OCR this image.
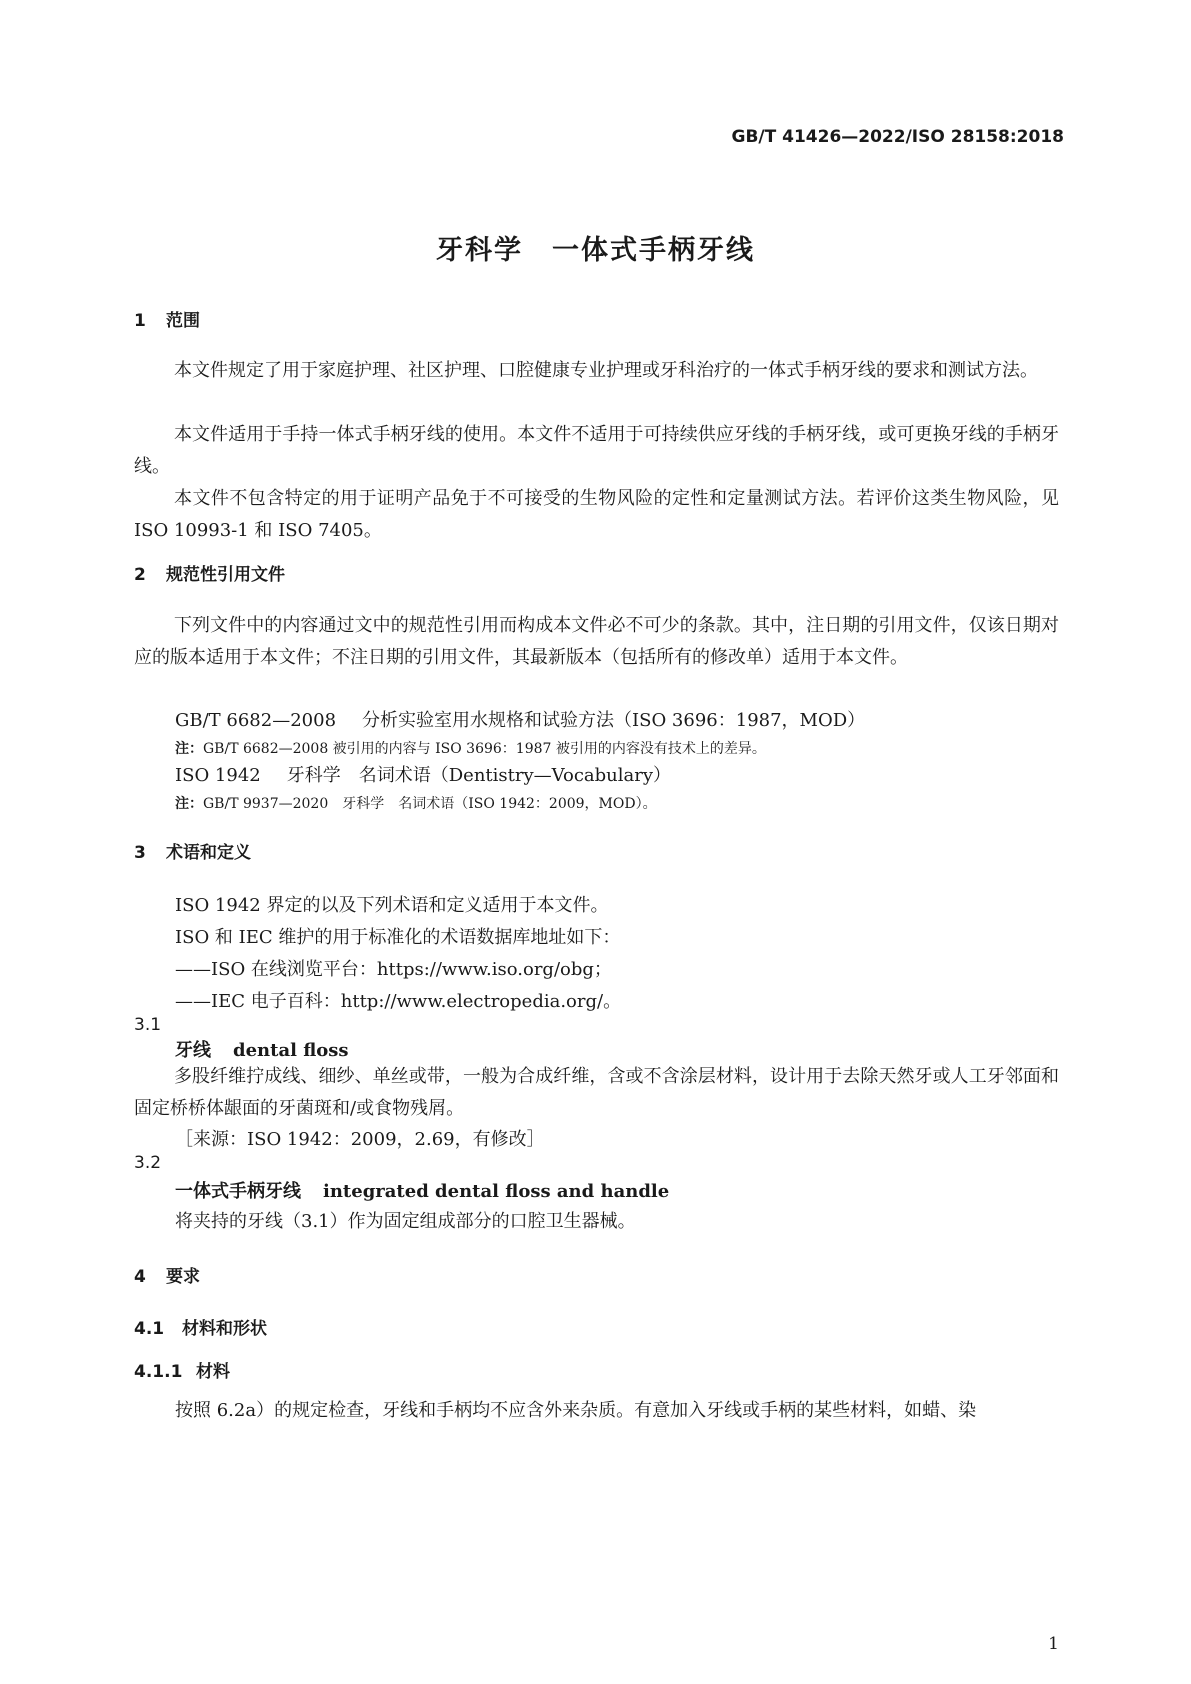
GB/T 41426—2022/ISO 28158:2018
牙科学　一体式手柄牙线
1 范围
本文件规定了用于家庭护理、社区护理、口腔健康专业护理或牙科治疗的一体式手柄牙线的要求和测试方法。
本文件适用于手持一体式手柄牙线的使用。本文件不适用于可持续供应牙线的手柄牙线，或可更换牙线的手柄牙线。
本文件不包含特定的用于证明产品免于不可接受的生物风险的定性和定量测试方法。若评价这类生物风险，见 ISO 10993-1 和 ISO 7405。
2 规范性引用文件
下列文件中的内容通过文中的规范性引用而构成本文件必不可少的条款。其中，注日期的引用文件，仅该日期对应的版本适用于本文件；不注日期的引用文件，其最新版本（包括所有的修改单）适用于本文件。
GB/T 6682—2008 分析实验室用水规格和试验方法（ISO 3696：1987，MOD）
注：GB/T 6682—2008 被引用的内容与 ISO 3696：1987 被引用的内容没有技术上的差异。
ISO 1942 牙科学　名词术语（Dentistry—Vocabulary）
注：GB/T 9937—2020　牙科学　名词术语（ISO 1942：2009，MOD）。
3 术语和定义
ISO 1942 界定的以及下列术语和定义适用于本文件。
ISO 和 IEC 维护的用于标准化的术语数据库地址如下：
——ISO 在线浏览平台：https://www.iso.org/obg；
——IEC 电子百科：http://www.electropedia.org/。
3.1
牙线 dental floss
多股纤维拧成线、细纱、单丝或带，一般为合成纤维，含或不含涂层材料，设计用于去除天然牙或人工牙邻面和固定桥桥体龈面的牙菌斑和/或食物残屑。
［来源：ISO 1942：2009，2.69，有修改］
3.2
一体式手柄牙线 integrated dental floss and handle
将夹持的牙线（3.1）作为固定组成部分的口腔卫生器械。
4 要求
4.1 材料和形状
4.1.1 材料
按照 6.2a）的规定检查，牙线和手柄均不应含外来杂质。有意加入牙线或手柄的某些材料，如蜡、染
1
